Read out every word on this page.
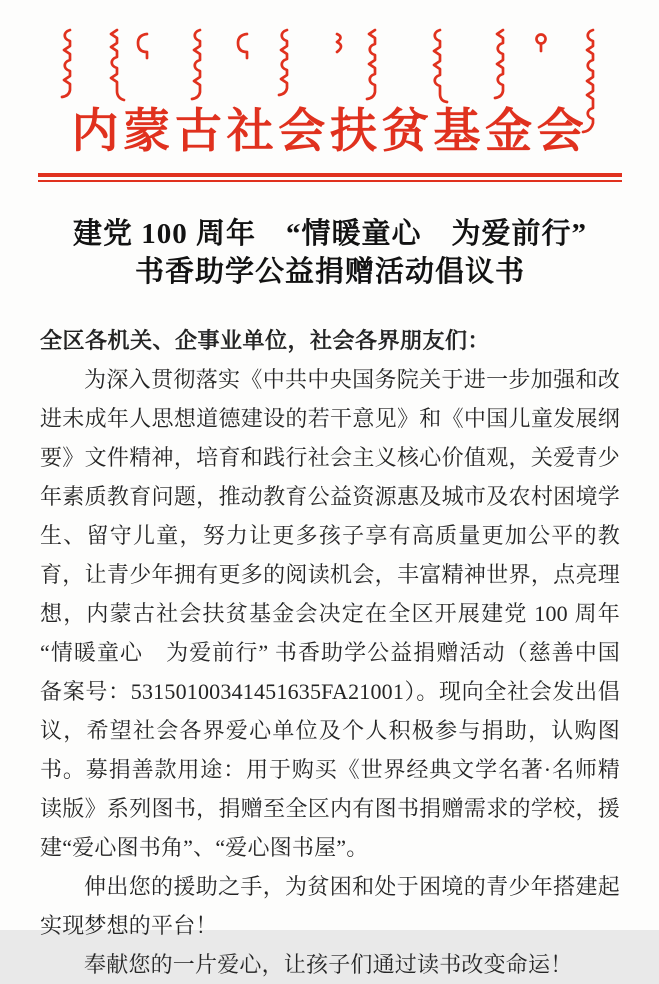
内蒙古社会扶贫基金会
建党 100 周年　“情暖童心　为爱前行”
书香助学公益捐赠活动倡议书

全区各机关、企事业单位，社会各界朋友们：

为深入贯彻落实《中共中央国务院关于进一步加强和改进未成年人思想道德建设的若干意见》和《中国儿童发展纲要》文件精神，培育和践行社会主义核心价值观，关爱青少年素质教育问题，推动教育公益资源惠及城市及农村困境学生、留守儿童，努力让更多孩子享有高质量更加公平的教育，让青少年拥有更多的阅读机会，丰富精神世界，点亮理想，内蒙古社会扶贫基金会决定在全区开展建党 100 周年 “情暖童心　为爱前行” 书香助学公益捐赠活动（慈善中国备案号：53150100341451635FA21001）。现向全社会发出倡议，希望社会各界爱心单位及个人积极参与捐助，认购图书。募捐善款用途：用于购买《世界经典文学名著·名师精读版》系列图书，捐赠至全区内有图书捐赠需求的学校，援建“爱心图书角”、“爱心图书屋”。

伸出您的援助之手，为贫困和处于困境的青少年搭建起实现梦想的平台！

奉献您的一片爱心，让孩子们通过读书改变命运！
